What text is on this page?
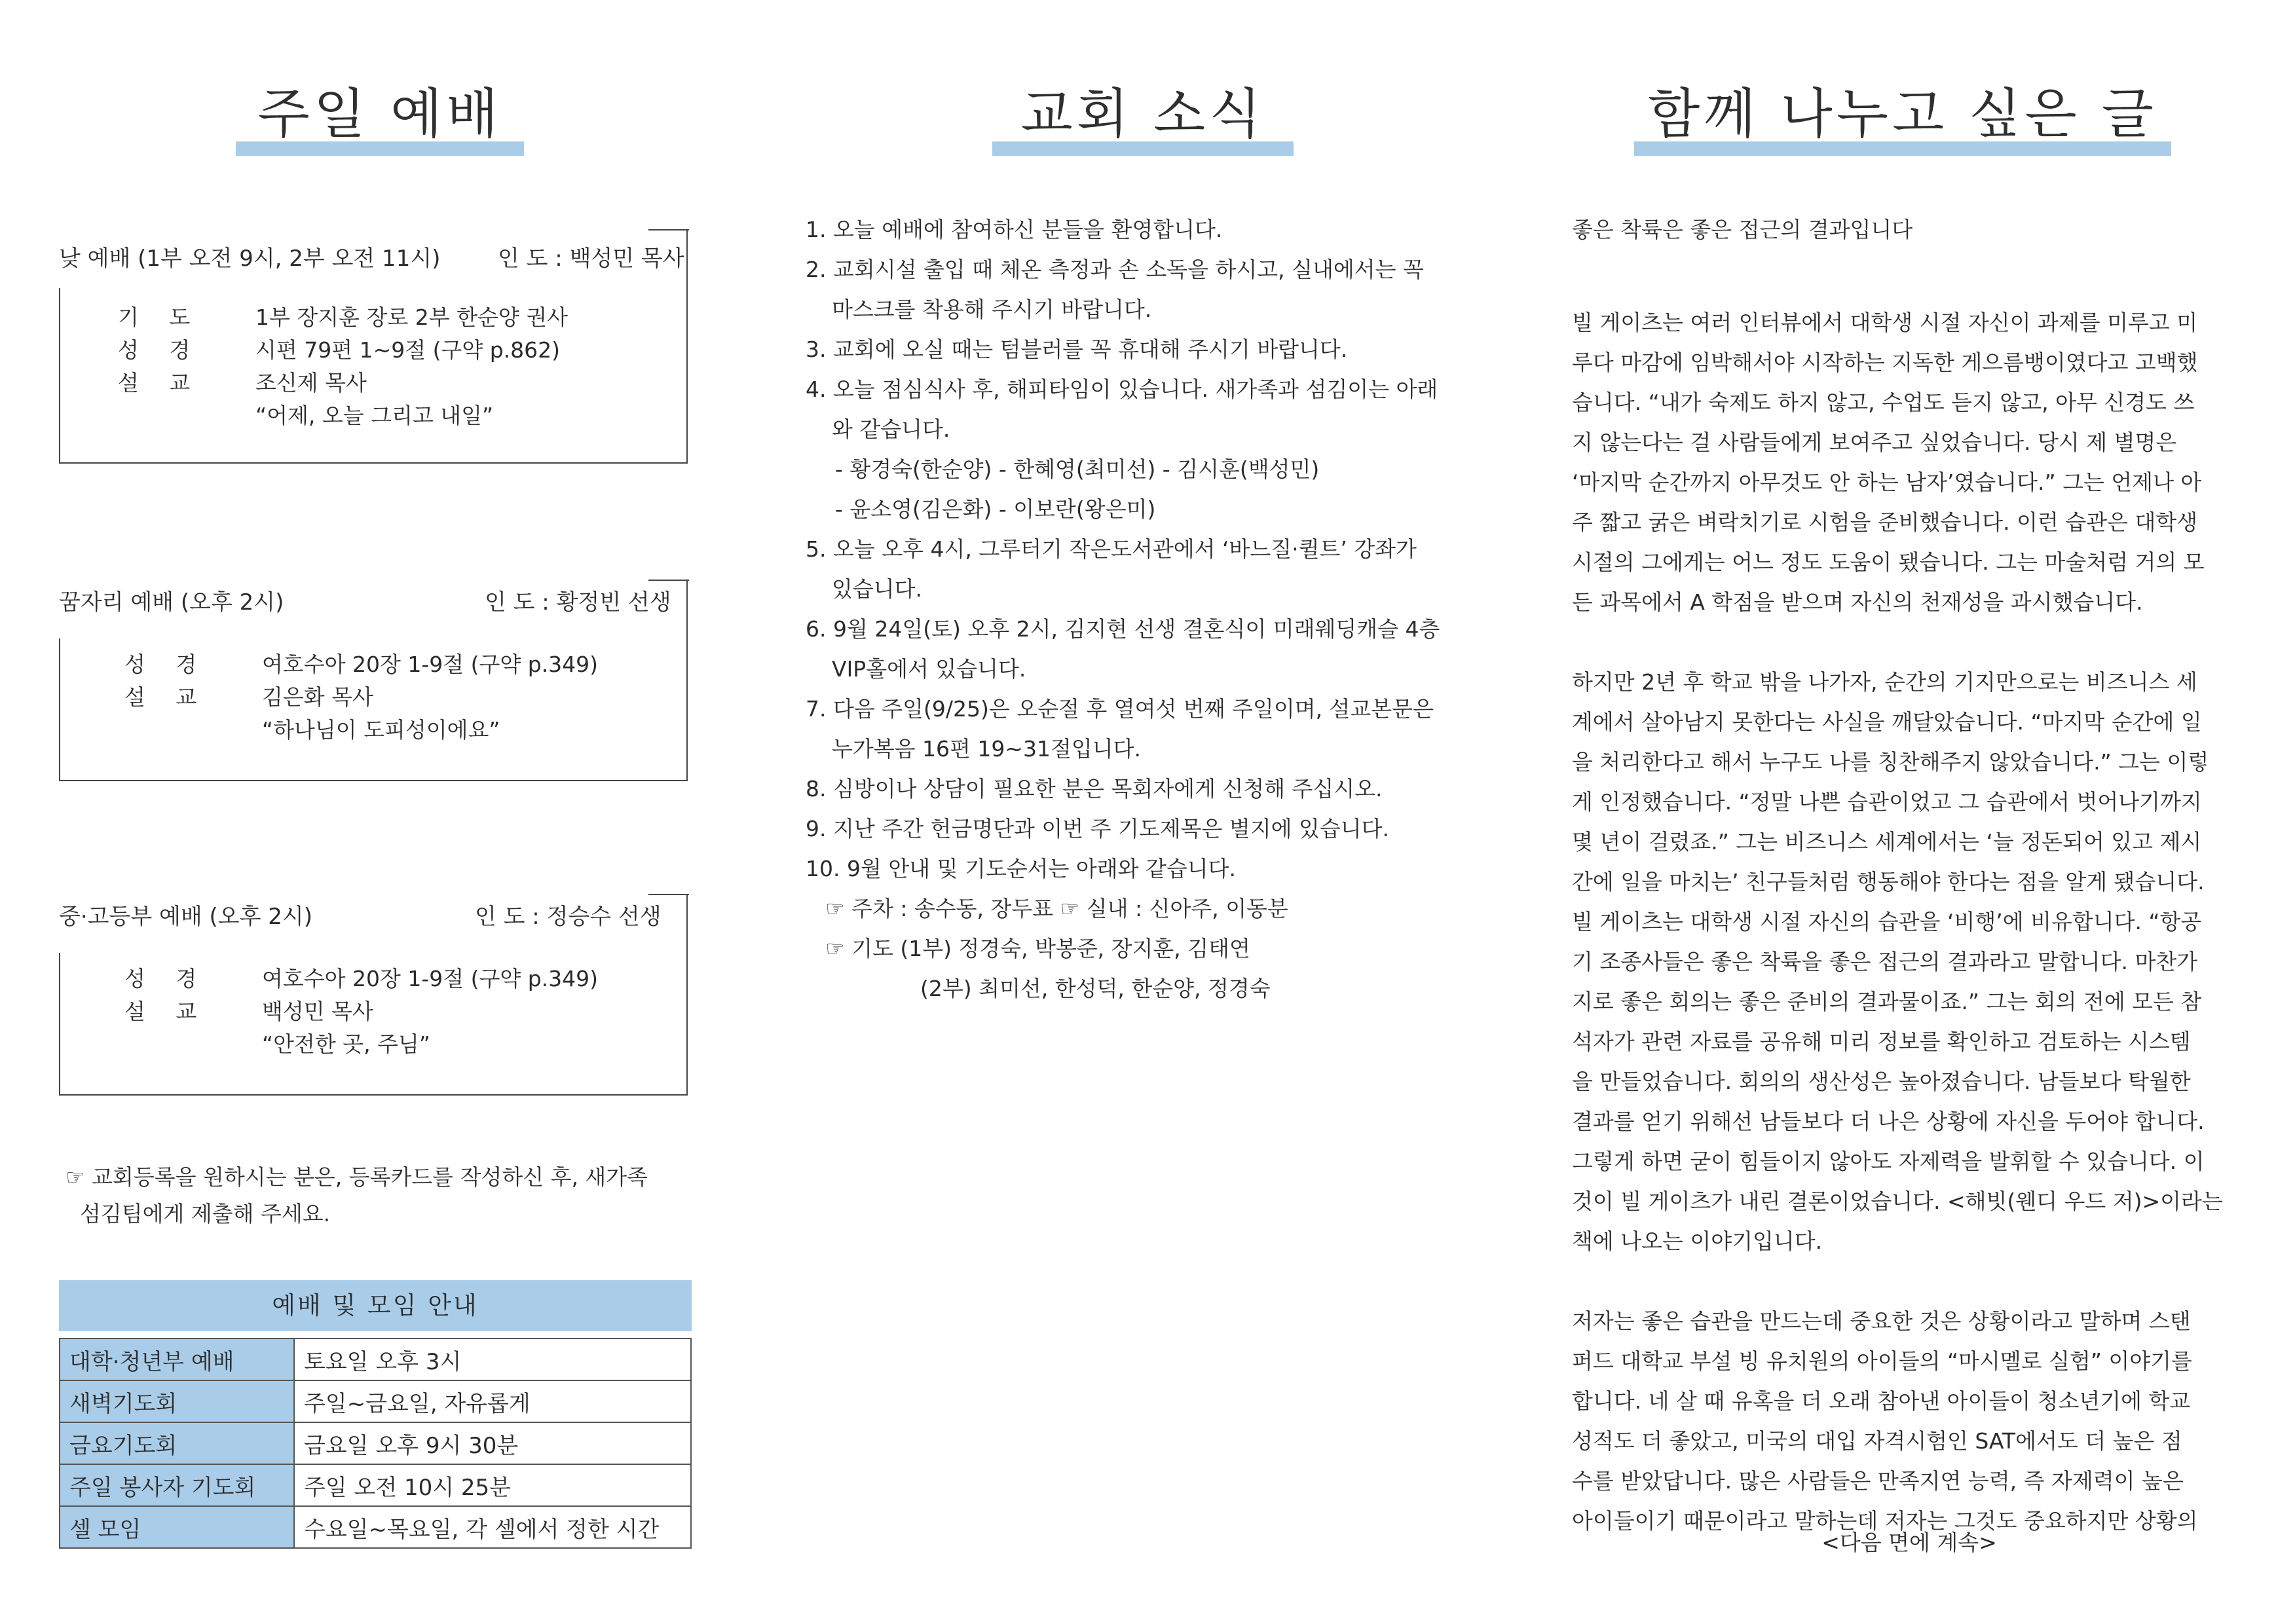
주일 예배
낮 예배 (1부 오전 9시, 2부 오전 11시)	인 도 : 백성민 목사
기 도 1부 장지훈 장로 2부 한순양 권사
성 경 시편 79편 1~9절 (구약 p.862)
설 교 조신제 목사
“어제, 오늘 그리고 내일”
꿈자리 예배 (오후 2시)	인 도 : 황정빈 선생
성 경 여호수아 20장 1-9절 (구약 p.349)
설 교 김은화 목사
“하나님이 도피성이에요”
중·고등부 예배 (오후 2시)	인 도 : 정승수 선생
성 경 여호수아 20장 1-9절 (구약 p.349)
설 교 백성민 목사
“안전한 곳, 주님”
☞ 교회등록을 원하시는 분은, 등록카드를 작성하신 후, 새가족
섬김팀에게 제출해 주세요.
예배 및 모임 안내
대학·청년부 예배	토요일 오후 3시
새벽기도회	주일~금요일, 자유롭게
금요기도회	금요일 오후 9시 30분
주일 봉사자 기도회	주일 오전 10시 25분
셀 모임	수요일~목요일, 각 셀에서 정한 시간
교회 소식
1. 오늘 예배에 참여하신 분들을 환영합니다.
2. 교회시설 출입 때 체온 측정과 손 소독을 하시고, 실내에서는 꼭
마스크를 착용해 주시기 바랍니다.
3. 교회에 오실 때는 텀블러를 꼭 휴대해 주시기 바랍니다.
4. 오늘 점심식사 후, 해피타임이 있습니다. 새가족과 섬김이는 아래
와 같습니다.
- 황경숙(한순양) - 한혜영(최미선) - 김시훈(백성민)
- 윤소영(김은화) - 이보란(왕은미)
5. 오늘 오후 4시, 그루터기 작은도서관에서 ‘바느질·퀼트’ 강좌가
있습니다.
6. 9월 24일(토) 오후 2시, 김지현 선생 결혼식이 미래웨딩캐슬 4층
VIP홀에서 있습니다.
7. 다음 주일(9/25)은 오순절 후 열여섯 번째 주일이며, 설교본문은
누가복음 16편 19~31절입니다.
8. 심방이나 상담이 필요한 분은 목회자에게 신청해 주십시오.
9. 지난 주간 헌금명단과 이번 주 기도제목은 별지에 있습니다.
10. 9월 안내 및 기도순서는 아래와 같습니다.
☞ 주차 : 송수동, 장두표 ☞ 실내 : 신아주, 이동분
☞ 기도 (1부) 정경숙, 박봉준, 장지훈, 김태연
(2부) 최미선, 한성덕, 한순양, 정경숙
함께 나누고 싶은 글
좋은 착륙은 좋은 접근의 결과입니다
빌 게이츠는 여러 인터뷰에서 대학생 시절 자신이 과제를 미루고 미
루다 마감에 임박해서야 시작하는 지독한 게으름뱅이였다고 고백했
습니다. “내가 숙제도 하지 않고, 수업도 듣지 않고, 아무 신경도 쓰
지 않는다는 걸 사람들에게 보여주고 싶었습니다. 당시 제 별명은
‘마지막 순간까지 아무것도 안 하는 남자’였습니다.” 그는 언제나 아
주 짧고 굵은 벼락치기로 시험을 준비했습니다. 이런 습관은 대학생
시절의 그에게는 어느 정도 도움이 됐습니다. 그는 마술처럼 거의 모
든 과목에서 A 학점을 받으며 자신의 천재성을 과시했습니다.
하지만 2년 후 학교 밖을 나가자, 순간의 기지만으로는 비즈니스 세
계에서 살아남지 못한다는 사실을 깨달았습니다. “마지막 순간에 일
을 처리한다고 해서 누구도 나를 칭찬해주지 않았습니다.” 그는 이렇
게 인정했습니다. “정말 나쁜 습관이었고 그 습관에서 벗어나기까지
몇 년이 걸렸죠.” 그는 비즈니스 세계에서는 ‘늘 정돈되어 있고 제시
간에 일을 마치는’ 친구들처럼 행동해야 한다는 점을 알게 됐습니다.
빌 게이츠는 대학생 시절 자신의 습관을 ‘비행’에 비유합니다. “항공
기 조종사들은 좋은 착륙을 좋은 접근의 결과라고 말합니다. 마찬가
지로 좋은 회의는 좋은 준비의 결과물이죠.” 그는 회의 전에 모든 참
석자가 관련 자료를 공유해 미리 정보를 확인하고 검토하는 시스템
을 만들었습니다. 회의의 생산성은 높아졌습니다. 남들보다 탁월한
결과를 얻기 위해선 남들보다 더 나은 상황에 자신을 두어야 합니다.
그렇게 하면 굳이 힘들이지 않아도 자제력을 발휘할 수 있습니다. 이
것이 빌 게이츠가 내린 결론이었습니다. <해빗(웬디 우드 저)>이라는
책에 나오는 이야기입니다.
저자는 좋은 습관을 만드는데 중요한 것은 상황이라고 말하며 스탠
퍼드 대학교 부설 빙 유치원의 아이들의 “마시멜로 실험” 이야기를
합니다. 네 살 때 유혹을 더 오래 참아낸 아이들이 청소년기에 학교
성적도 더 좋았고, 미국의 대입 자격시험인 SAT에서도 더 높은 점
수를 받았답니다. 많은 사람들은 만족지연 능력, 즉 자제력이 높은
아이들이기 때문이라고 말하는데 저자는 그것도 중요하지만 상황의
<다음 면에 계속>
